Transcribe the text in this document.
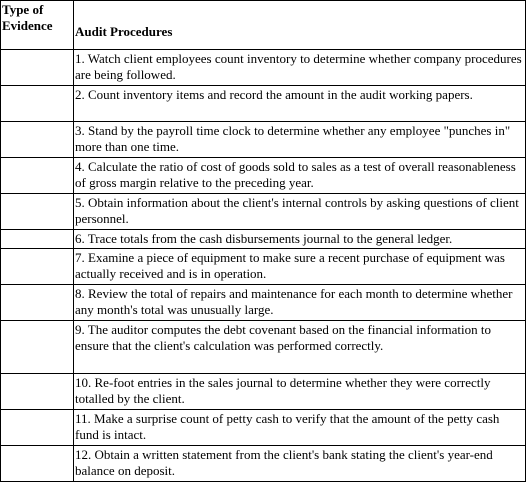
Type of Evidence	Audit Procedures
	1. Watch client employees count inventory to determine whether company procedures are being followed.
	2. Count inventory items and record the amount in the audit working papers.
	3. Stand by the payroll time clock to determine whether any employee "punches in" more than one time.
	4. Calculate the ratio of cost of goods sold to sales as a test of overall reasonableness of gross margin relative to the preceding year.
	5. Obtain information about the client's internal controls by asking questions of client personnel.
	6. Trace totals from the cash disbursements journal to the general ledger.
	7. Examine a piece of equipment to make sure a recent purchase of equipment was actually received and is in operation.
	8. Review the total of repairs and maintenance for each month to determine whether any month's total was unusually large.
	9. The auditor computes the debt covenant based on the financial information to ensure that the client's calculation was performed correctly.
	10. Re-foot entries in the sales journal to determine whether they were correctly totalled by the client.
	11. Make a surprise count of petty cash to verify that the amount of the petty cash fund is intact.
	12. Obtain a written statement from the client's bank stating the client's year-end balance on deposit.
